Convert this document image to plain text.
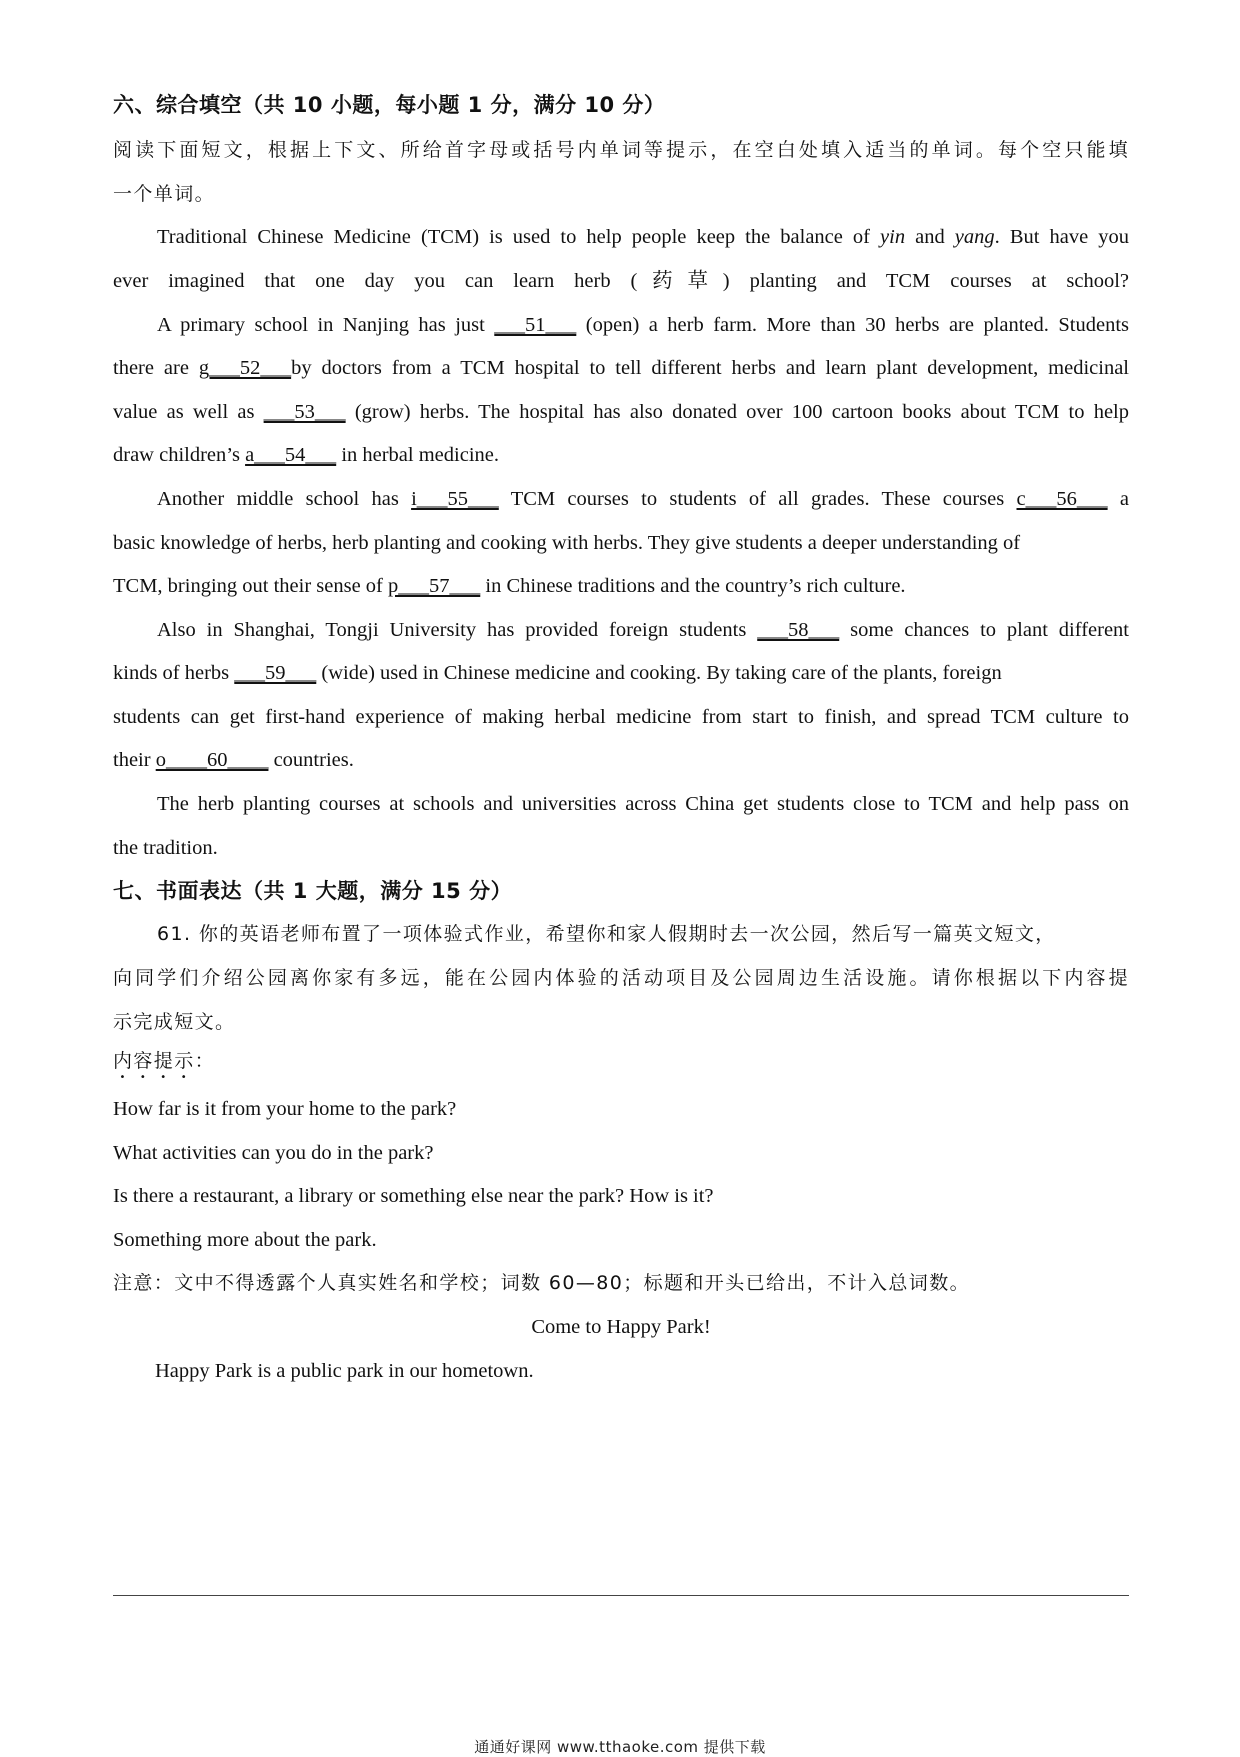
六、综合填空（共 10 小题，每小题 1 分，满分 10 分）
阅读下面短文，根据上下文、所给首字母或括号内单词等提示，在空白处填入适当的单词。每个空只能填
一个单词。
Traditional Chinese Medicine (TCM) is used to help people keep the balance of yin and yang. But have you
ever imagined that one day you can learn herb (药草) planting and TCM courses at school?
A primary school in Nanjing has just ___51___ (open) a herb farm. More than 30 herbs are planted. Students
there are g___52___by doctors from a TCM hospital to tell different herbs and learn plant development, medicinal
value as well as ___53___ (grow) herbs. The hospital has also donated over 100 cartoon books about TCM to help
draw children’s a___54___ in herbal medicine.
Another middle school has i___55___ TCM courses to students of all grades. These courses c___56___ a
basic knowledge of herbs, herb planting and cooking with herbs. They give students a deeper understanding of
TCM, bringing out their sense of p___57___ in Chinese traditions and the country’s rich culture.
Also in Shanghai, Tongji University has provided foreign students ___58___ some chances to plant different
kinds of herbs ___59___ (wide) used in Chinese medicine and cooking. By taking care of the plants, foreign
students can get first-hand experience of making herbal medicine from start to finish, and spread TCM culture to
their o____60____ countries.
The herb planting courses at schools and universities across China get students close to TCM and help pass on
the tradition.
七、书面表达（共 1 大题，满分 15 分）
61. 你的英语老师布置了一项体验式作业，希望你和家人假期时去一次公园，然后写一篇英文短文，
向同学们介绍公园离你家有多远，能在公园内体验的活动项目及公园周边生活设施。请你根据以下内容提
示完成短文。
内容提示：
How far is it from your home to the park?
What activities can you do in the park?
Is there a restaurant, a library or something else near the park? How is it?
Something more about the park.
注意：文中不得透露个人真实姓名和学校；词数 60—80；标题和开头已给出，不计入总词数。
Come to Happy Park!
Happy Park is a public park in our hometown.
通通好课网 www.tthaoke.com 提供下载
